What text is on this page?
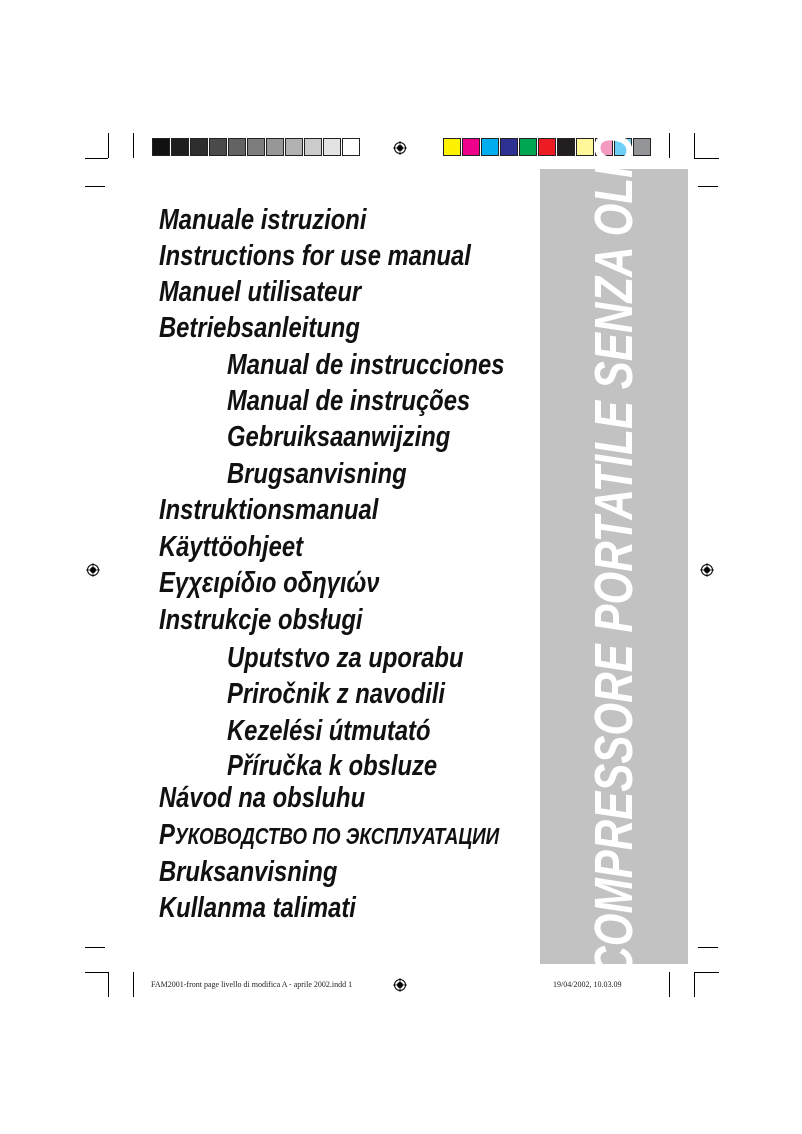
COMPRESSORE PORTATILE SENZA OLIO
Manuale istruzioni
Instructions for use manual
Manuel utilisateur
Betriebsanleitung
Manual de instrucciones
Manual de instruções
Gebruiksaanwijzing
Brugsanvisning
Instruktionsmanual
Käyttöohjeet
Εγχειρίδιο οδηγιών
Instrukcje obsługi
Uputstvo za uporabu
Priročnik z navodili
Kezelési útmutató
Příručka k obsluze
Návod na obsluhu
РУКОВОДСТВО ПО ЭКСПЛУАТАЦИИ
Bruksanvisning
Kullanma talimati
FAM2001-front page livello di modifica A - aprile 2002.indd 1	19/04/2002, 10.03.09
